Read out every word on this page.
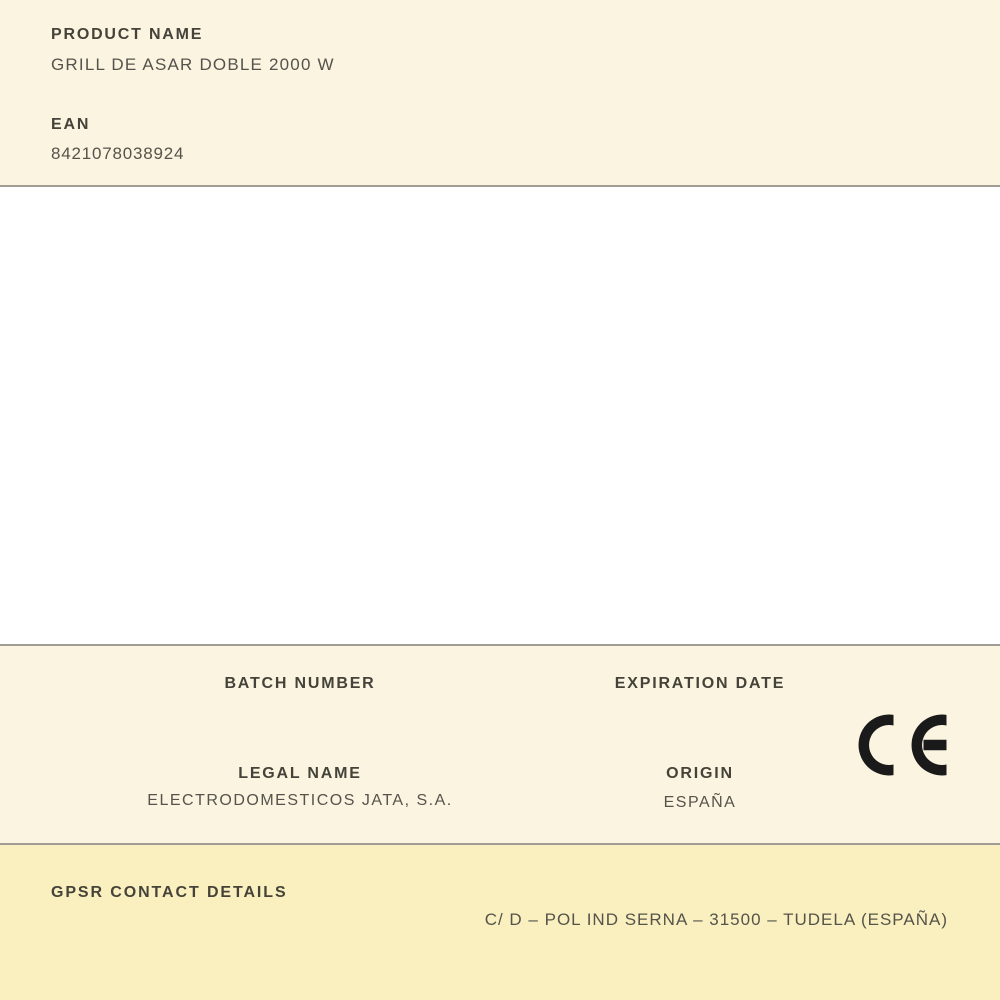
PRODUCT NAME
GRILL DE ASAR DOBLE 2000 W
EAN
8421078038924
BATCH NUMBER	EXPIRATION DATE
LEGAL NAME
ELECTRODOMESTICOS JATA, S.A.
ORIGIN
ESPAÑA
GPSR CONTACT DETAILS
C/ D – POL IND SERNA – 31500 – TUDELA (ESPAÑA)
